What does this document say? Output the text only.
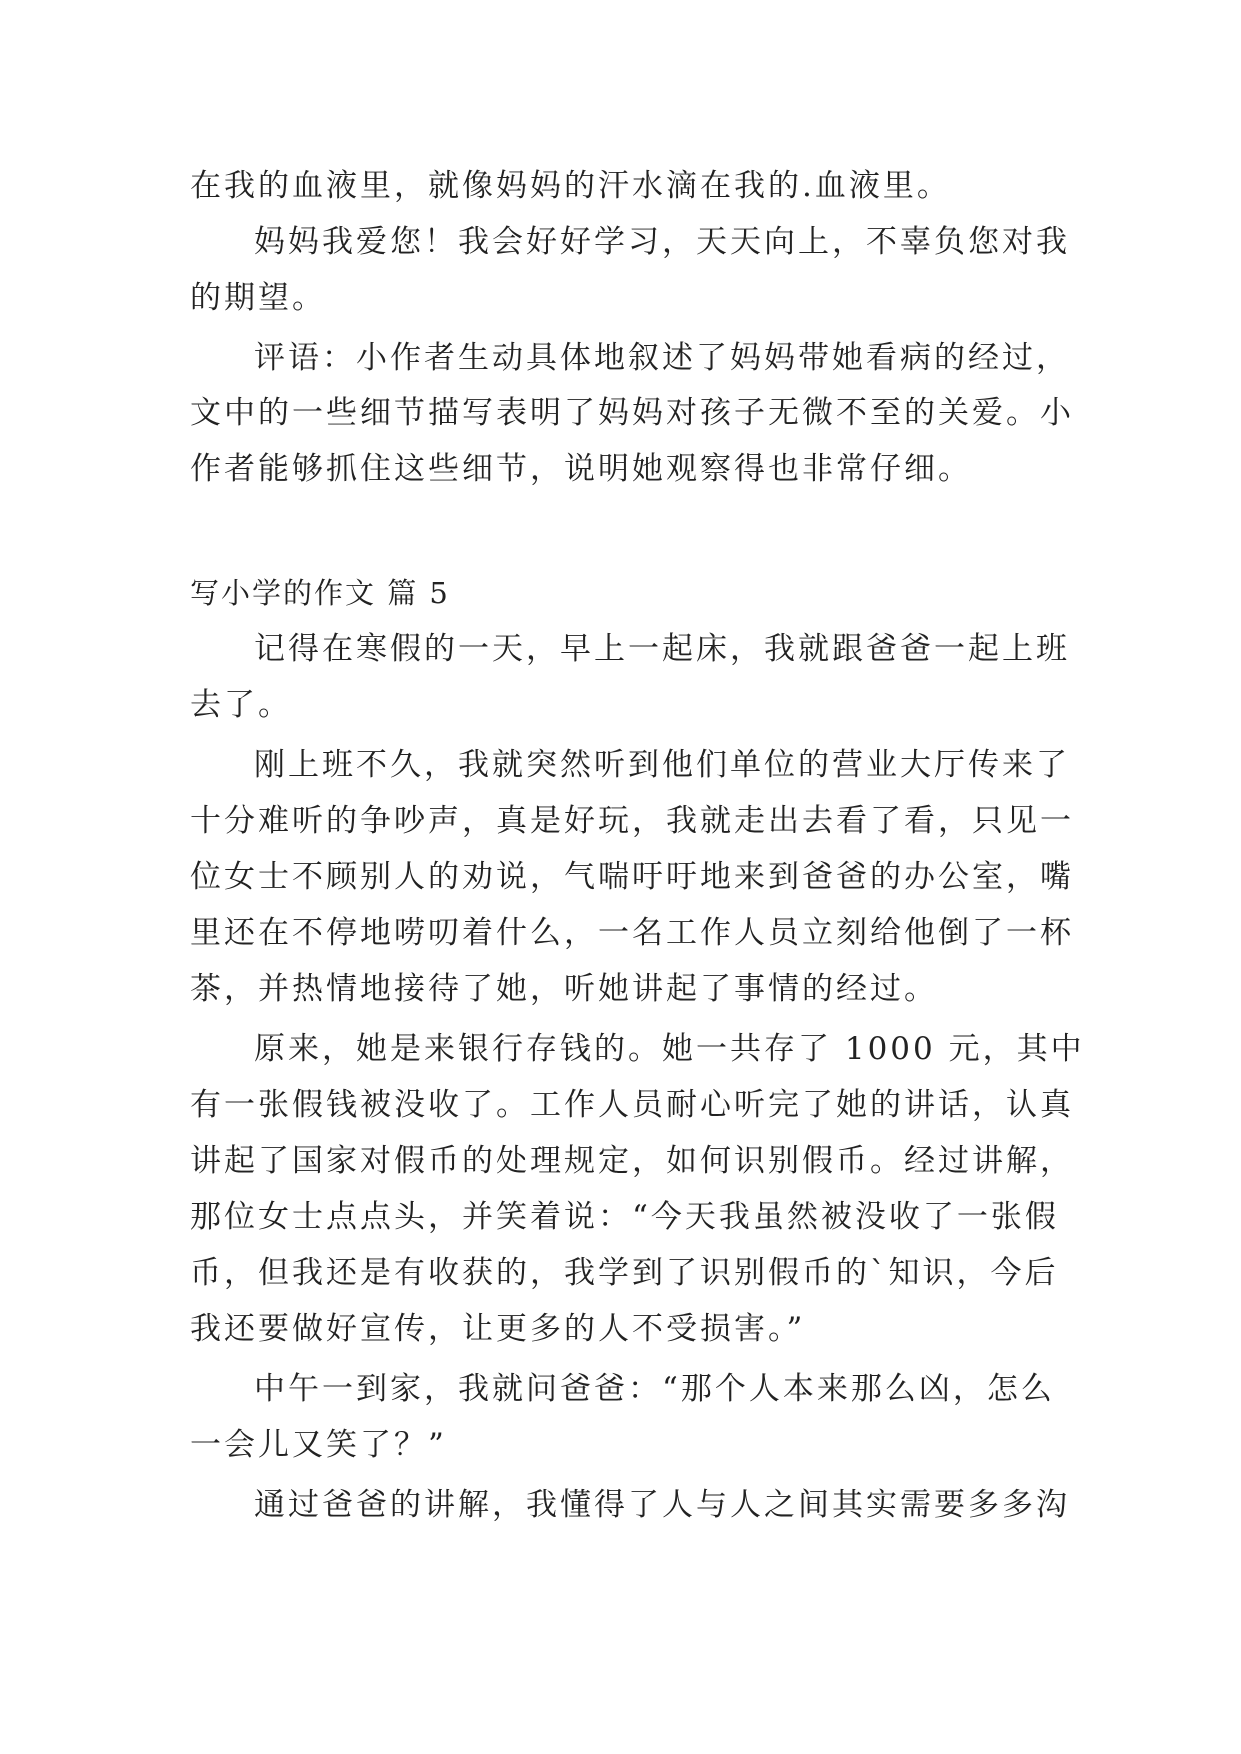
在我的血液里，就像妈妈的汗水滴在我的.血液里。
妈妈我爱您！我会好好学习，天天向上，不辜负您对我
的期望。
评语：小作者生动具体地叙述了妈妈带她看病的经过，
文中的一些细节描写表明了妈妈对孩子无微不至的关爱。小
作者能够抓住这些细节，说明她观察得也非常仔细。
写小学的作文 篇 5
记得在寒假的一天，早上一起床，我就跟爸爸一起上班
去了。
刚上班不久，我就突然听到他们单位的营业大厅传来了
十分难听的争吵声，真是好玩，我就走出去看了看，只见一
位女士不顾别人的劝说，气喘吁吁地来到爸爸的办公室，嘴
里还在不停地唠叨着什么，一名工作人员立刻给他倒了一杯
茶，并热情地接待了她，听她讲起了事情的经过。
原来，她是来银行存钱的。她一共存了 1000 元，其中
有一张假钱被没收了。工作人员耐心听完了她的讲话，认真
讲起了国家对假币的处理规定，如何识别假币。经过讲解，
那位女士点点头，并笑着说：“今天我虽然被没收了一张假
币，但我还是有收获的，我学到了识别假币的`知识，今后
我还要做好宣传，让更多的人不受损害。”
中午一到家，我就问爸爸：“那个人本来那么凶，怎么
一会儿又笑了？”
通过爸爸的讲解，我懂得了人与人之间其实需要多多沟
